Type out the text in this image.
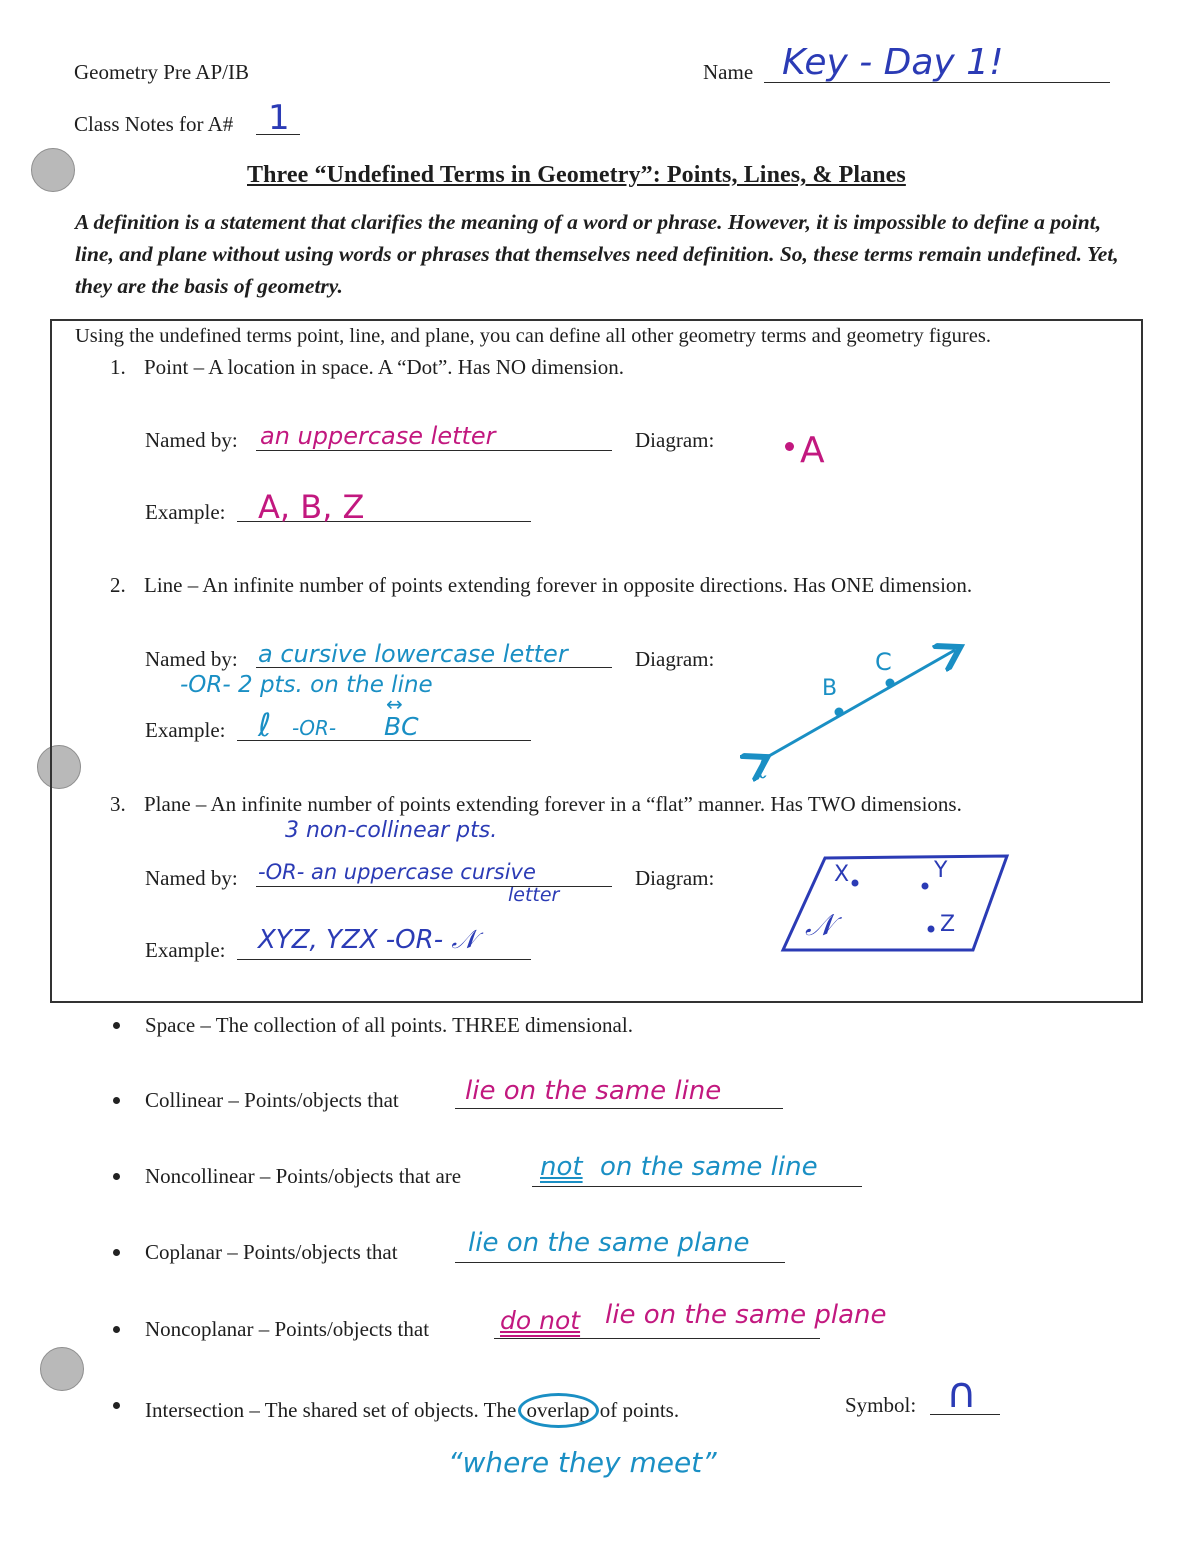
Geometry Pre AP/IB
Class Notes for A# 1
Name Key - Day 1!
Three “Undefined Terms in Geometry”: Points, Lines, & Planes
A definition is a statement that clarifies the meaning of a word or phrase. However, it is impossible to define a point, line, and plane without using words or phrases that themselves need definition. So, these terms remain undefined. Yet, they are the basis of geometry.
Using the undefined terms point, line, and plane, you can define all other geometry terms and geometry figures.
1. Point – A location in space. A “Dot”. Has NO dimension.
Named by: an uppercase letter	Diagram: A
Example: A, B, Z
2. Line – An infinite number of points extending forever in opposite directions. Has ONE dimension.
Named by: a cursive lowercase letter
-OR- 2 pts. on the line
Diagram:
Example: ℓ -OR-
↔
BC
B
C
ℓ
3. Plane – An infinite number of points extending forever in a “flat” manner. Has TWO dimensions.
3 non-collinear pts.
Named by: -OR- an uppercase cursive
letter
Diagram:
Example: XYZ, YZX -OR- 𝒩
X	Y
Z
𝒩
Space – The collection of all points. THREE dimensional.
Collinear – Points/objects that	lie on the same line
Noncollinear – Points/objects that are	not on the same line
Coplanar – Points/objects that	lie on the same plane
Noncoplanar – Points/objects that	do not lie on the same plane
Intersection – The shared set of objects. The overlap of points.	Symbol: ∩
“where they meet”
